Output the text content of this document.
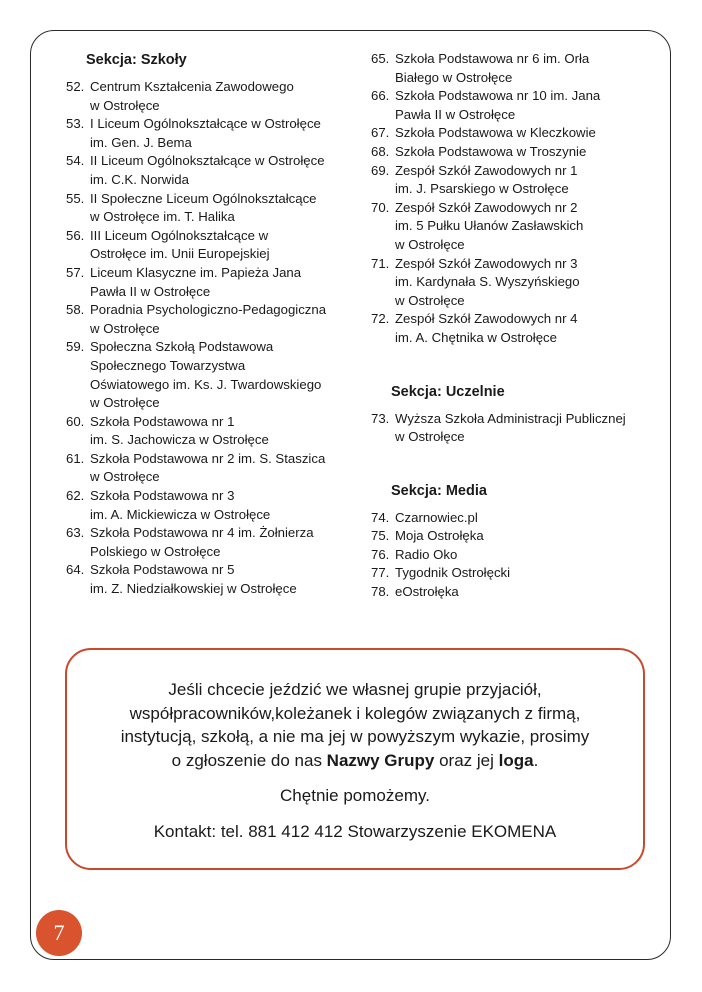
Sekcja: Szkoły
52. Centrum Kształcenia Zawodowego
w Ostrołęce
53. I Liceum Ogólnokształcące w Ostrołęce
im. Gen. J. Bema
54. II Liceum Ogólnokształcące w Ostrołęce
im. C.K. Norwida
55. II Społeczne Liceum Ogólnokształcące
w Ostrołęce im. T. Halika
56. III Liceum Ogólnokształcące w
Ostrołęce im. Unii Europejskiej
57. Liceum Klasyczne im. Papieża Jana
Pawła II w Ostrołęce
58. Poradnia Psychologiczno-Pedagogiczna
w Ostrołęce
59. Społeczna Szkołą Podstawowa
Społecznego Towarzystwa
Oświatowego im. Ks. J. Twardowskiego
w Ostrołęce
60. Szkoła Podstawowa nr 1
im. S. Jachowicza w Ostrołęce
61. Szkoła Podstawowa nr 2 im. S. Staszica
w Ostrołęce
62. Szkoła Podstawowa nr 3
im. A. Mickiewicza w Ostrołęce
63. Szkoła Podstawowa nr 4 im. Żołnierza
Polskiego w Ostrołęce
64. Szkoła Podstawowa nr 5
im. Z. Niedziałkowskiej w Ostrołęce
65. Szkoła Podstawowa nr 6 im. Orła
Białego w Ostrołęce
66. Szkoła Podstawowa nr 10 im. Jana
Pawła II w Ostrołęce
67. Szkoła Podstawowa w Kleczkowie
68. Szkoła Podstawowa w Troszynie
69. Zespół Szkół Zawodowych nr 1
im. J. Psarskiego w Ostrołęce
70. Zespół Szkół Zawodowych nr 2
im. 5 Pułku Ułanów Zasławskich
w Ostrołęce
71. Zespół Szkół Zawodowych nr 3
im. Kardynała S. Wyszyńskiego
w Ostrołęce
72. Zespół Szkół Zawodowych nr 4
im. A. Chętnika w Ostrołęce
Sekcja: Uczelnie
73. Wyższa Szkoła Administracji Publicznej
w Ostrołęce
Sekcja: Media
74. Czarnowiec.pl
75. Moja Ostrołęka
76. Radio Oko
77. Tygodnik Ostrołęcki
78. eOstrołęka
Jeśli chcecie jeździć we własnej grupie przyjaciół,
współpracowników,koleżanek i kolegów związanych z firmą,
instytucją, szkołą, a nie ma jej w powyższym wykazie, prosimy
o zgłoszenie do nas Nazwy Grupy oraz jej loga.
Chętnie pomożemy.
Kontakt: tel. 881 412 412 Stowarzyszenie EKOMENA
7
